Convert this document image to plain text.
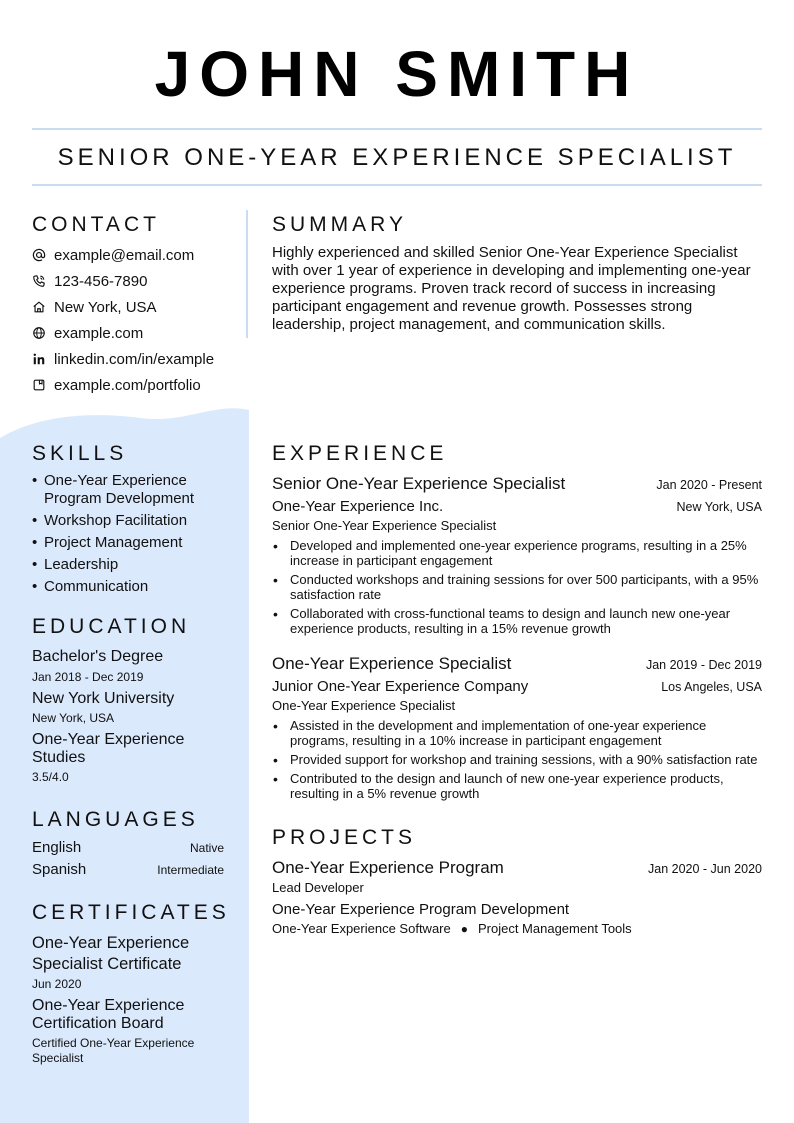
JOHN SMITH
SENIOR ONE-YEAR EXPERIENCE SPECIALIST
CONTACT
example@email.com
123-456-7890
New York, USA
example.com
linkedin.com/in/example
example.com/portfolio
SKILLS
• One-Year Experience Program Development
• Workshop Facilitation
• Project Management
• Leadership
• Communication
EDUCATION
Bachelor's Degree
Jan 2018 - Dec 2019
New York University
New York, USA
One-Year Experience Studies
3.5/4.0
LANGUAGES
English	Native
Spanish	Intermediate
CERTIFICATES
One-Year Experience Specialist Certificate
Jun 2020
One-Year Experience Certification Board
Certified One-Year Experience Specialist
SUMMARY
Highly experienced and skilled Senior One-Year Experience Specialist with over 1 year of experience in developing and implementing one-year experience programs. Proven track record of success in increasing participant engagement and revenue growth. Possesses strong leadership, project management, and communication skills.
EXPERIENCE
Senior One-Year Experience Specialist	Jan 2020 - Present
One-Year Experience Inc.	New York, USA
Senior One-Year Experience Specialist
• Developed and implemented one-year experience programs, resulting in a 25% increase in participant engagement
• Conducted workshops and training sessions for over 500 participants, with a 95% satisfaction rate
• Collaborated with cross-functional teams to design and launch new one-year experience products, resulting in a 15% revenue growth
One-Year Experience Specialist	Jan 2019 - Dec 2019
Junior One-Year Experience Company	Los Angeles, USA
One-Year Experience Specialist
• Assisted in the development and implementation of one-year experience programs, resulting in a 10% increase in participant engagement
• Provided support for workshop and training sessions, with a 90% satisfaction rate
• Contributed to the design and launch of new one-year experience products, resulting in a 5% revenue growth
PROJECTS
One-Year Experience Program	Jan 2020 - Jun 2020
Lead Developer
One-Year Experience Program Development
One-Year Experience Software ● Project Management Tools
